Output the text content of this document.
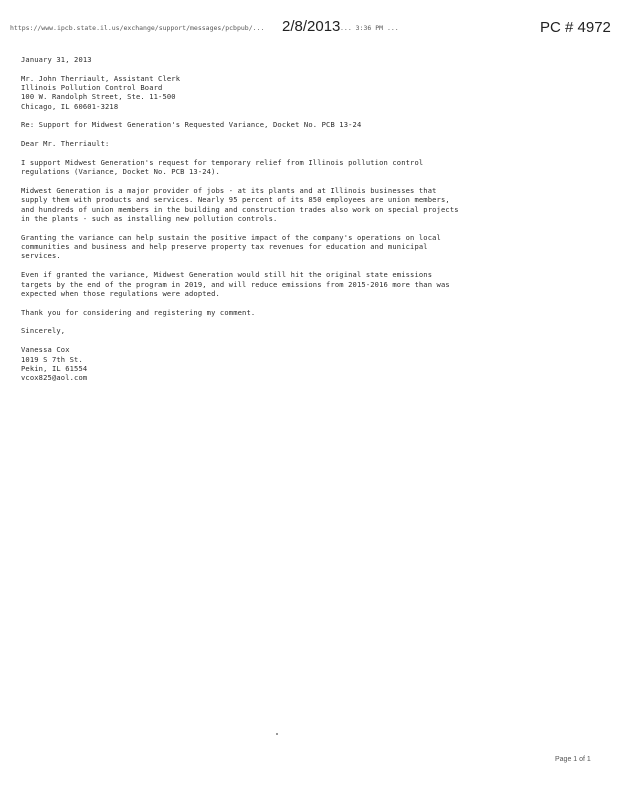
https://www.ipcb.state.il.us/exchange/support/messages/pcbpub/... 2/8/2013 ... 3:36 PM ...	PC # 4972
January 31, 2013
Mr. John Therriault, Assistant Clerk
Illinois Pollution Control Board
100 W. Randolph Street, Ste. 11-500
Chicago, IL 60601-3218
Re: Support for Midwest Generation's Requested Variance, Docket No. PCB 13-24
Dear Mr. Therriault:
I support Midwest Generation's request for temporary relief from Illinois pollution control
regulations (Variance, Docket No. PCB 13-24).
Midwest Generation is a major provider of jobs - at its plants and at Illinois businesses that
supply them with products and services. Nearly 95 percent of its 850 employees are union members,
and hundreds of union members in the building and construction trades also work on special projects
in the plants - such as installing new pollution controls.
Granting the variance can help sustain the positive impact of the company's operations on local
communities and business and help preserve property tax revenues for education and municipal
services.
Even if granted the variance, Midwest Generation would still hit the original state emissions
targets by the end of the program in 2019, and will reduce emissions from 2015-2016 more than was
expected when those regulations were adopted.
Thank you for considering and registering my comment.
Sincerely,
Vanessa Cox
1019 S 7th St.
Pekin, IL 61554
vcox825@aol.com
Page 1 of 1
